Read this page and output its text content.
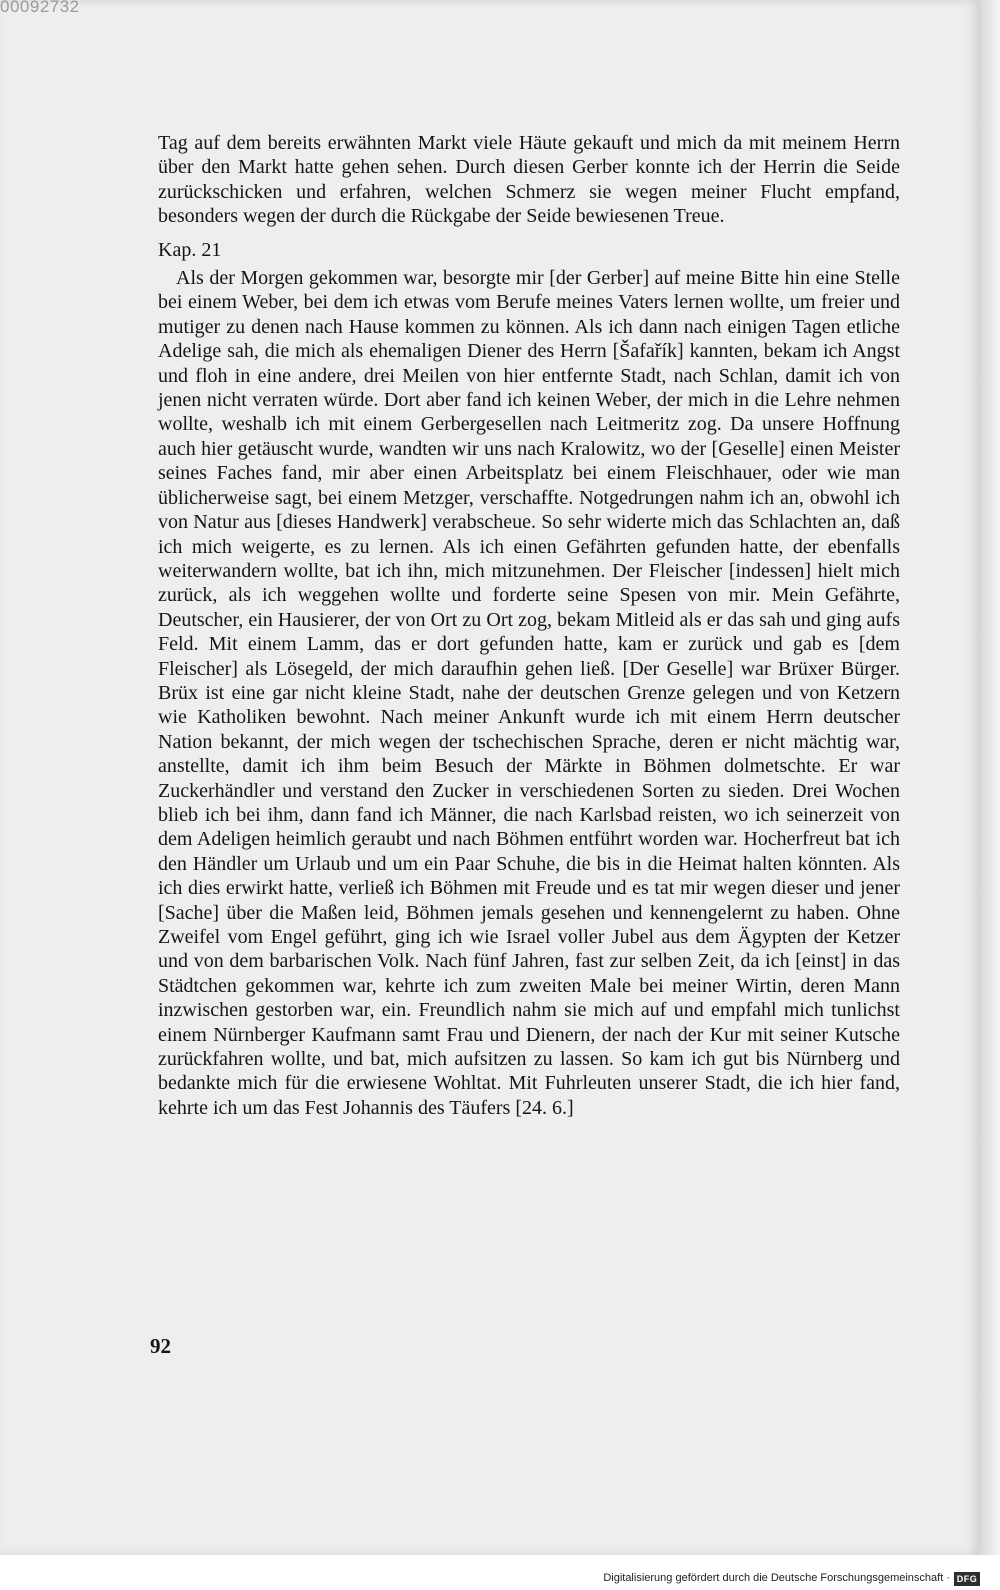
00092732

Tag auf dem bereits erwähnten Markt viele Häute gekauft und mich da mit meinem Herrn über den Markt hatte gehen sehen. Durch diesen Gerber konnte ich der Herrin die Seide zurückschicken und erfahren, welchen Schmerz sie wegen meiner Flucht empfand, besonders wegen der durch die Rückgabe der Seide bewiesenen Treue.

Kap. 21

Als der Morgen gekommen war, besorgte mir [der Gerber] auf meine Bitte hin eine Stelle bei einem Weber, bei dem ich etwas vom Berufe meines Vaters lernen wollte, um freier und mutiger zu denen nach Hause kommen zu können. Als ich dann nach einigen Tagen etliche Adelige sah, die mich als ehemaligen Diener des Herrn [Šafařík] kannten, bekam ich Angst und floh in eine andere, drei Meilen von hier entfernte Stadt, nach Schlan, damit ich von jenen nicht verraten würde. Dort aber fand ich keinen Weber, der mich in die Lehre nehmen wollte, weshalb ich mit einem Gerbergesellen nach Leitmeritz zog. Da unsere Hoffnung auch hier getäuscht wurde, wandten wir uns nach Kralowitz, wo der [Geselle] einen Meister seines Faches fand, mir aber einen Arbeitsplatz bei einem Fleischhauer, oder wie man üblicherweise sagt, bei einem Metzger, verschaffte. Notgedrungen nahm ich an, obwohl ich von Natur aus [dieses Handwerk] verabscheue. So sehr widerte mich das Schlachten an, daß ich mich weigerte, es zu lernen. Als ich einen Gefährten gefunden hatte, der ebenfalls weiterwandern wollte, bat ich ihn, mich mitzunehmen. Der Fleischer [indessen] hielt mich zurück, als ich weggehen wollte und forderte seine Spesen von mir. Mein Gefährte, Deutscher, ein Hausierer, der von Ort zu Ort zog, bekam Mitleid als er das sah und ging aufs Feld. Mit einem Lamm, das er dort gefunden hatte, kam er zurück und gab es [dem Fleischer] als Lösegeld, der mich daraufhin gehen ließ. [Der Geselle] war Brüxer Bürger. Brüx ist eine gar nicht kleine Stadt, nahe der deutschen Grenze gelegen und von Ketzern wie Katholiken bewohnt. Nach meiner Ankunft wurde ich mit einem Herrn deutscher Nation bekannt, der mich wegen der tschechischen Sprache, deren er nicht mächtig war, anstellte, damit ich ihm beim Besuch der Märkte in Böhmen dolmetschte. Er war Zuckerhändler und verstand den Zucker in verschiedenen Sorten zu sieden. Drei Wochen blieb ich bei ihm, dann fand ich Männer, die nach Karlsbad reisten, wo ich seinerzeit von dem Adeligen heimlich geraubt und nach Böhmen entführt worden war. Hocherfreut bat ich den Händler um Urlaub und um ein Paar Schuhe, die bis in die Heimat halten könnten. Als ich dies erwirkt hatte, verließ ich Böhmen mit Freude und es tat mir wegen dieser und jener [Sache] über die Maßen leid, Böhmen jemals gesehen und kennengelernt zu haben. Ohne Zweifel vom Engel geführt, ging ich wie Israel voller Jubel aus dem Ägypten der Ketzer und von dem barbarischen Volk. Nach fünf Jahren, fast zur selben Zeit, da ich [einst] in das Städtchen gekommen war, kehrte ich zum zweiten Male bei meiner Wirtin, deren Mann inzwischen gestorben war, ein. Freundlich nahm sie mich auf und empfahl mich tunlichst einem Nürnberger Kaufmann samt Frau und Dienern, der nach der Kur mit seiner Kutsche zurückfahren wollte, und bat, mich aufsitzen zu lassen. So kam ich gut bis Nürnberg und bedankte mich für die erwiesene Wohltat. Mit Fuhrleuten unserer Stadt, die ich hier fand, kehrte ich um das Fest Johannis des Täufers [24. 6.]

92
Digitalisierung gefördert durch die Deutsche Forschungsgemeinschaft · DFG
